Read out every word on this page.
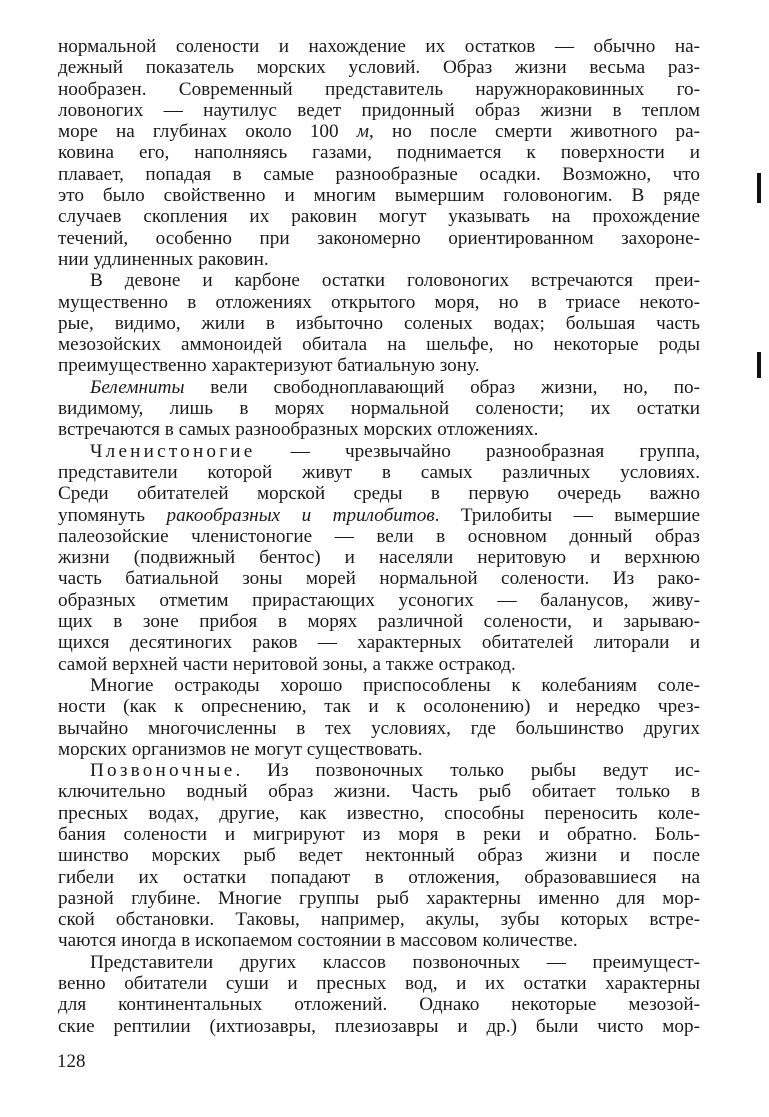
нормальной солености и нахождение их остатков — обычно на-
дежный показатель морских условий. Образ жизни весьма раз-
нообразен. Современный представитель наружнораковинных го-
ловоногих — наутилус ведет придонный образ жизни в теплом
море на глубинах около 100 м, но после смерти животного ра-
ковина его, наполняясь газами, поднимается к поверхности и
плавает, попадая в самые разнообразные осадки. Возможно, что
это было свойственно и многим вымершим головоногим. В ряде
случаев скопления их раковин могут указывать на прохождение
течений, особенно при закономерно ориентированном захороне-
нии удлиненных раковин.
В девоне и карбоне остатки головоногих встречаются преи-
мущественно в отложениях открытого моря, но в триасе некото-
рые, видимо, жили в избыточно соленых водах; большая часть
мезозойских аммоноидей обитала на шельфе, но некоторые роды
преимущественно характеризуют батиальную зону.
Белемниты вели свободноплавающий образ жизни, но, по-
видимому, лишь в морях нормальной солености; их остатки
встречаются в самых разнообразных морских отложениях.
Членистоногие — чрезвычайно разнообразная группа,
представители которой живут в самых различных условиях.
Среди обитателей морской среды в первую очередь важно
упомянуть ракообразных и трилобитов. Трилобиты — вымершие
палеозойские членистоногие — вели в основном донный образ
жизни (подвижный бентос) и населяли неритовую и верхнюю
часть батиальной зоны морей нормальной солености. Из рако-
образных отметим прирастающих усоногих — баланусов, живу-
щих в зоне прибоя в морях различной солености, и зарываю-
щихся десятиногих раков — характерных обитателей литорали и
самой верхней части неритовой зоны, а также остракод.
Многие остракоды хорошо приспособлены к колебаниям соле-
ности (как к опреснению, так и к осолонению) и нередко чрез-
вычайно многочисленны в тех условиях, где большинство других
морских организмов не могут существовать.
Позвоночные. Из позвоночных только рыбы ведут ис-
ключительно водный образ жизни. Часть рыб обитает только в
пресных водах, другие, как известно, способны переносить коле-
бания солености и мигрируют из моря в реки и обратно. Боль-
шинство морских рыб ведет нектонный образ жизни и после
гибели их остатки попадают в отложения, образовавшиеся на
разной глубине. Многие группы рыб характерны именно для мор-
ской обстановки. Таковы, например, акулы, зубы которых встре-
чаются иногда в ископаемом состоянии в массовом количестве.
Представители других классов позвоночных — преимущест-
венно обитатели суши и пресных вод, и их остатки характерны
для континентальных отложений. Однако некоторые мезозой-
ские рептилии (ихтиозавры, плезиозавры и др.) были чисто мор-
128
